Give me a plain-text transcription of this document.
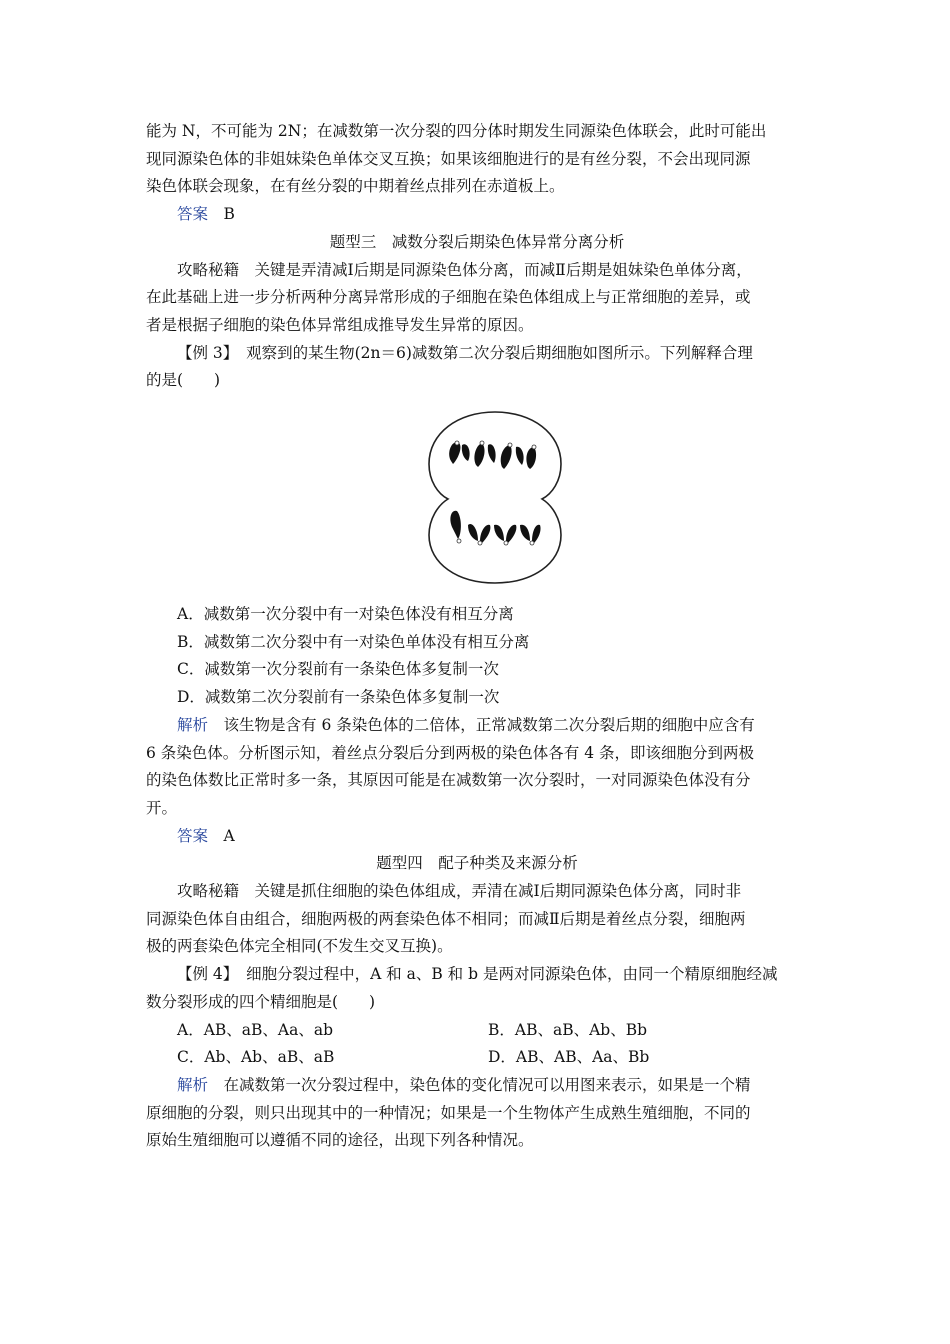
能为 N，不可能为 2N；在减数第一次分裂的四分体时期发生同源染色体联会，此时可能出
现同源染色体的非姐妹染色单体交叉互换；如果该细胞进行的是有丝分裂，不会出现同源
染色体联会现象，在有丝分裂的中期着丝点排列在赤道板上。

答案　 B

题型三　减数分裂后期染色体异常分离分析

攻略秘籍　 关键是弄清减Ⅰ后期是同源染色体分离，而减Ⅱ后期是姐妹染色单体分离，
在此基础上进一步分析两种分离异常形成的子细胞在染色体组成上与正常细胞的差异，或
者是根据子细胞的染色体异常组成推导发生异常的原因。

【例 3】　 观察到的某生物(2n＝6)减数第二次分裂后期细胞如图所示。下列解释合理
的是(　　)

A．减数第一次分裂中有一对染色体没有相互分离

B．减数第二次分裂中有一对染色单体没有相互分离

C．减数第一次分裂前有一条染色体多复制一次

D．减数第二次分裂前有一条染色体多复制一次

解析　 该生物是含有 6 条染色体的二倍体，正常减数第二次分裂后期的细胞中应含有
6 条染色体。分析图示知，着丝点分裂后分到两极的染色体各有 4 条，即该细胞分到两极
的染色体数比正常时多一条，其原因可能是在减数第一次分裂时，一对同源染色体没有分
开。

答案　 A

题型四　配子种类及来源分析

攻略秘籍　 关键是抓住细胞的染色体组成，弄清在减Ⅰ后期同源染色体分离，同时非
同源染色体自由组合，细胞两极的两套染色体不相同；而减Ⅱ后期是着丝点分裂，细胞两
极的两套染色体完全相同(不发生交叉互换)。

【例 4】　 细胞分裂过程中，A 和 a、B 和 b 是两对同源染色体，由同一个精原细胞经减
数分裂形成的四个精细胞是(　　)

A．AB、aB、Aa、ab	B．AB、aB、Ab、Bb
C．Ab、Ab、aB、aB	D．AB、AB、Aa、Bb

解析　 在减数第一次分裂过程中，染色体的变化情况可以用图来表示，如果是一个精
原细胞的分裂，则只出现其中的一种情况；如果是一个生物体产生成熟生殖细胞，不同的
原始生殖细胞可以遵循不同的途径，出现下列各种情况。
